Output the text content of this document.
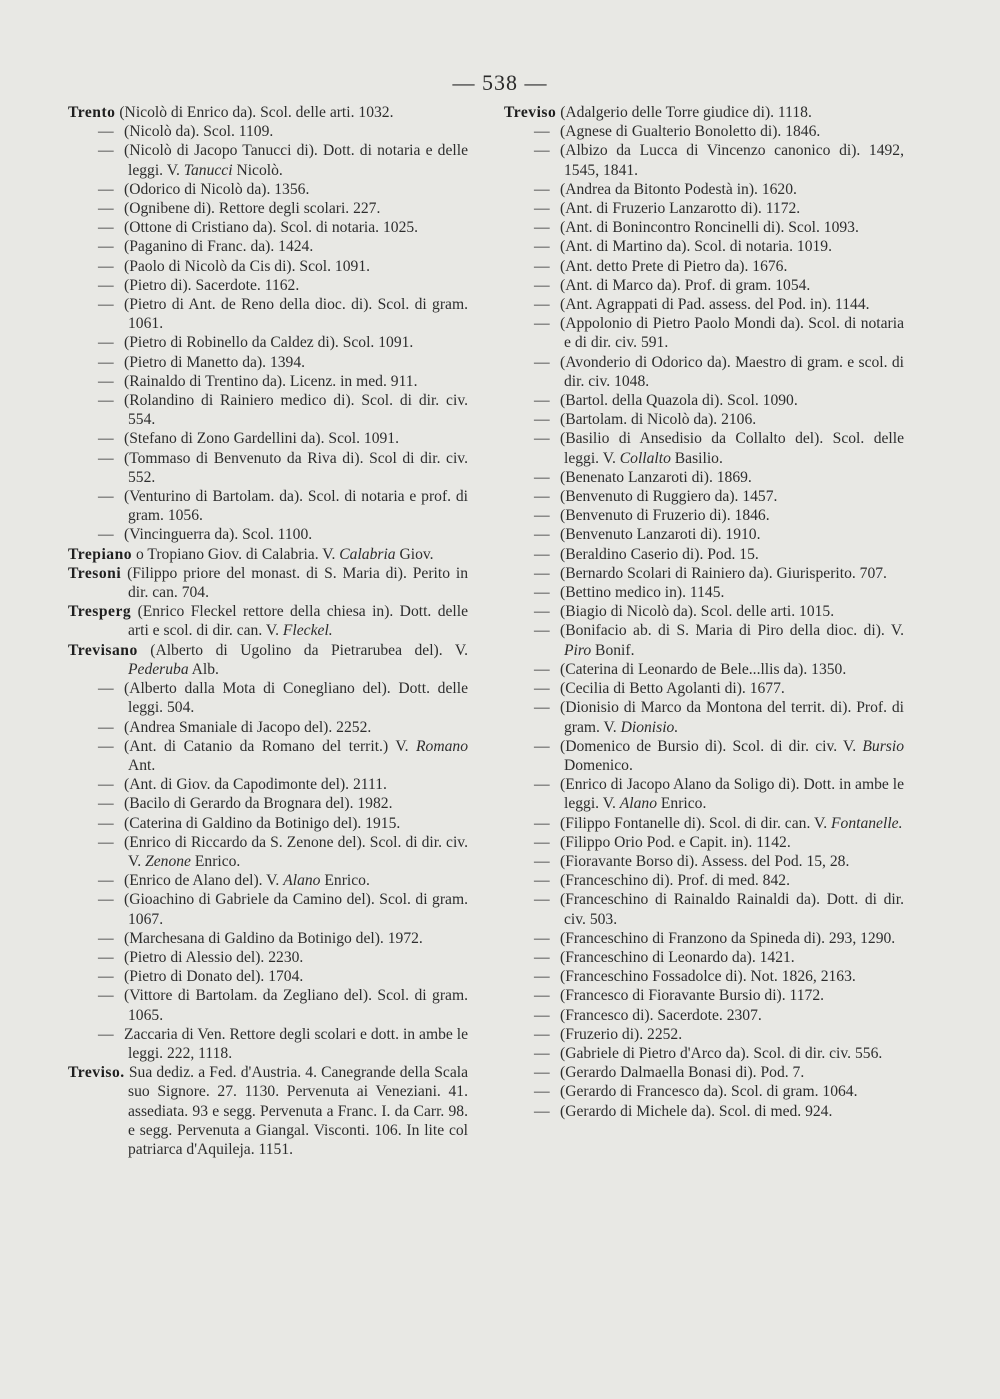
— 538 —

Trento (Nicolò di Enrico da). Scol. delle arti. 1032.

— (Nicolò da). Scol. 1109.

— (Nicolò di Jacopo Tanucci di). Dott. di notaria e delle leggi. V. Tanucci Nicolò.

— (Odorico di Nicolò da). 1356.

— (Ognibene di). Rettore degli scolari. 227.

— (Ottone di Cristiano da). Scol. di notaria. 1025.

— (Paganino di Franc. da). 1424.

— (Paolo di Nicolò da Cis di). Scol. 1091.

— (Pietro di). Sacerdote. 1162.

— (Pietro di Ant. de Reno della dioc. di). Scol. di gram. 1061.

— (Pietro di Robinello da Caldez di). Scol. 1091.

— (Pietro di Manetto da). 1394.

— (Rainaldo di Trentino da). Licenz. in med. 911.

— (Rolandino di Rainiero medico di). Scol. di dir. civ. 554.

— (Stefano di Zono Gardellini da). Scol. 1091.

— (Tommaso di Benvenuto da Riva di). Scol di dir. civ. 552.

— (Venturino di Bartolam. da). Scol. di notaria e prof. di gram. 1056.

— (Vincinguerra da). Scol. 1100.

Trepiano o Tropiano Giov. di Calabria. V. Calabria Giov.

Tresoni (Filippo priore del monast. di S. Maria di). Perito in dir. can. 704.

Tresperg (Enrico Fleckel rettore della chiesa in). Dott. delle arti e scol. di dir. can. V. Fleckel.

Trevisano (Alberto di Ugolino da Pietrarubea del). V. Pederuba Alb.

— (Alberto dalla Mota di Conegliano del). Dott. delle leggi. 504.

— (Andrea Smaniale di Jacopo del). 2252.

— (Ant. di Catanio da Romano del territ.) V. Romano Ant.

— (Ant. di Giov. da Capodimonte del). 2111.

— (Bacilo di Gerardo da Brognara del). 1982.

— (Caterina di Galdino da Botinigo del). 1915.

— (Enrico di Riccardo da S. Zenone del). Scol. di dir. civ. V. Zenone Enrico.

— (Enrico de Alano del). V. Alano Enrico.

— (Gioachino di Gabriele da Camino del). Scol. di gram. 1067.

— (Marchesana di Galdino da Botinigo del). 1972.

— (Pietro di Alessio del). 2230.

— (Pietro di Donato del). 1704.

— (Vittore di Bartolam. da Zegliano del). Scol. di gram. 1065.

— Zaccaria di Ven. Rettore degli scolari e dott. in ambe le leggi. 222, 1118.

Treviso. Sua dediz. a Fed. d'Austria. 4. Canegrande della Scala suo Signore. 27. 1130. Pervenuta ai Veneziani. 41. assediata. 93 e segg. Pervenuta a Franc. I. da Carr. 98. e segg. Pervenuta a Giangal. Visconti. 106. In lite col patriarca d'Aquileja. 1151.

Treviso (Adalgerio delle Torre giudice di). 1118.

— (Agnese di Gualterio Bonoletto di). 1846.

— (Albizo da Lucca di Vincenzo canonico di). 1492, 1545, 1841.

— (Andrea da Bitonto Podestà in). 1620.

— (Ant. di Fruzerio Lanzarotto di). 1172.

— (Ant. di Bonincontro Roncinelli di). Scol. 1093.

— (Ant. di Martino da). Scol. di notaria. 1019.

— (Ant. detto Prete di Pietro da). 1676.

— (Ant. di Marco da). Prof. di gram. 1054.

— (Ant. Agrappati di Pad. assess. del Pod. in). 1144.

— (Appolonio di Pietro Paolo Mondi da). Scol. di notaria e di dir. civ. 591.

— (Avonderio di Odorico da). Maestro di gram. e scol. di dir. civ. 1048.

— (Bartol. della Quazola di). Scol. 1090.

— (Bartolam. di Nicolò da). 2106.

— (Basilio di Ansedisio da Collalto del). Scol. delle leggi. V. Collalto Basilio.

— (Benenato Lanzaroti di). 1869.

— (Benvenuto di Ruggiero da). 1457.

— (Benvenuto di Fruzerio di). 1846.

— (Benvenuto Lanzaroti di). 1910.

— (Beraldino Caserio di). Pod. 15.

— (Bernardo Scolari di Rainiero da). Giurisperito. 707.

— (Bettino medico in). 1145.

— (Biagio di Nicolò da). Scol. delle arti. 1015.

— (Bonifacio ab. di S. Maria di Piro della dioc. di). V. Piro Bonif.

— (Caterina di Leonardo de Bele...llis da). 1350.

— (Cecilia di Betto Agolanti di). 1677.

— (Dionisio di Marco da Montona del territ. di). Prof. di gram. V. Dionisio.

— (Domenico de Bursio di). Scol. di dir. civ. V. Bursio Domenico.

— (Enrico di Jacopo Alano da Soligo di). Dott. in ambe le leggi. V. Alano Enrico.

— (Filippo Fontanelle di). Scol. di dir. can. V. Fontanelle.

— (Filippo Orio Pod. e Capit. in). 1142.

— (Fioravante Borso di). Assess. del Pod. 15, 28.

— (Franceschino di). Prof. di med. 842.

— (Franceschino di Rainaldo Rainaldi da). Dott. di dir. civ. 503.

— (Franceschino di Franzono da Spineda di). 293, 1290.

— (Franceschino di Leonardo da). 1421.

— (Franceschino Fossadolce di). Not. 1826, 2163.

— (Francesco di Fioravante Bursio di). 1172.

— (Francesco di). Sacerdote. 2307.

— (Fruzerio di). 2252.

— (Gabriele di Pietro d'Arco da). Scol. di dir. civ. 556.

— (Gerardo Dalmaella Bonasi di). Pod. 7.

— (Gerardo di Francesco da). Scol. di gram. 1064.

— (Gerardo di Michele da). Scol. di med. 924.
